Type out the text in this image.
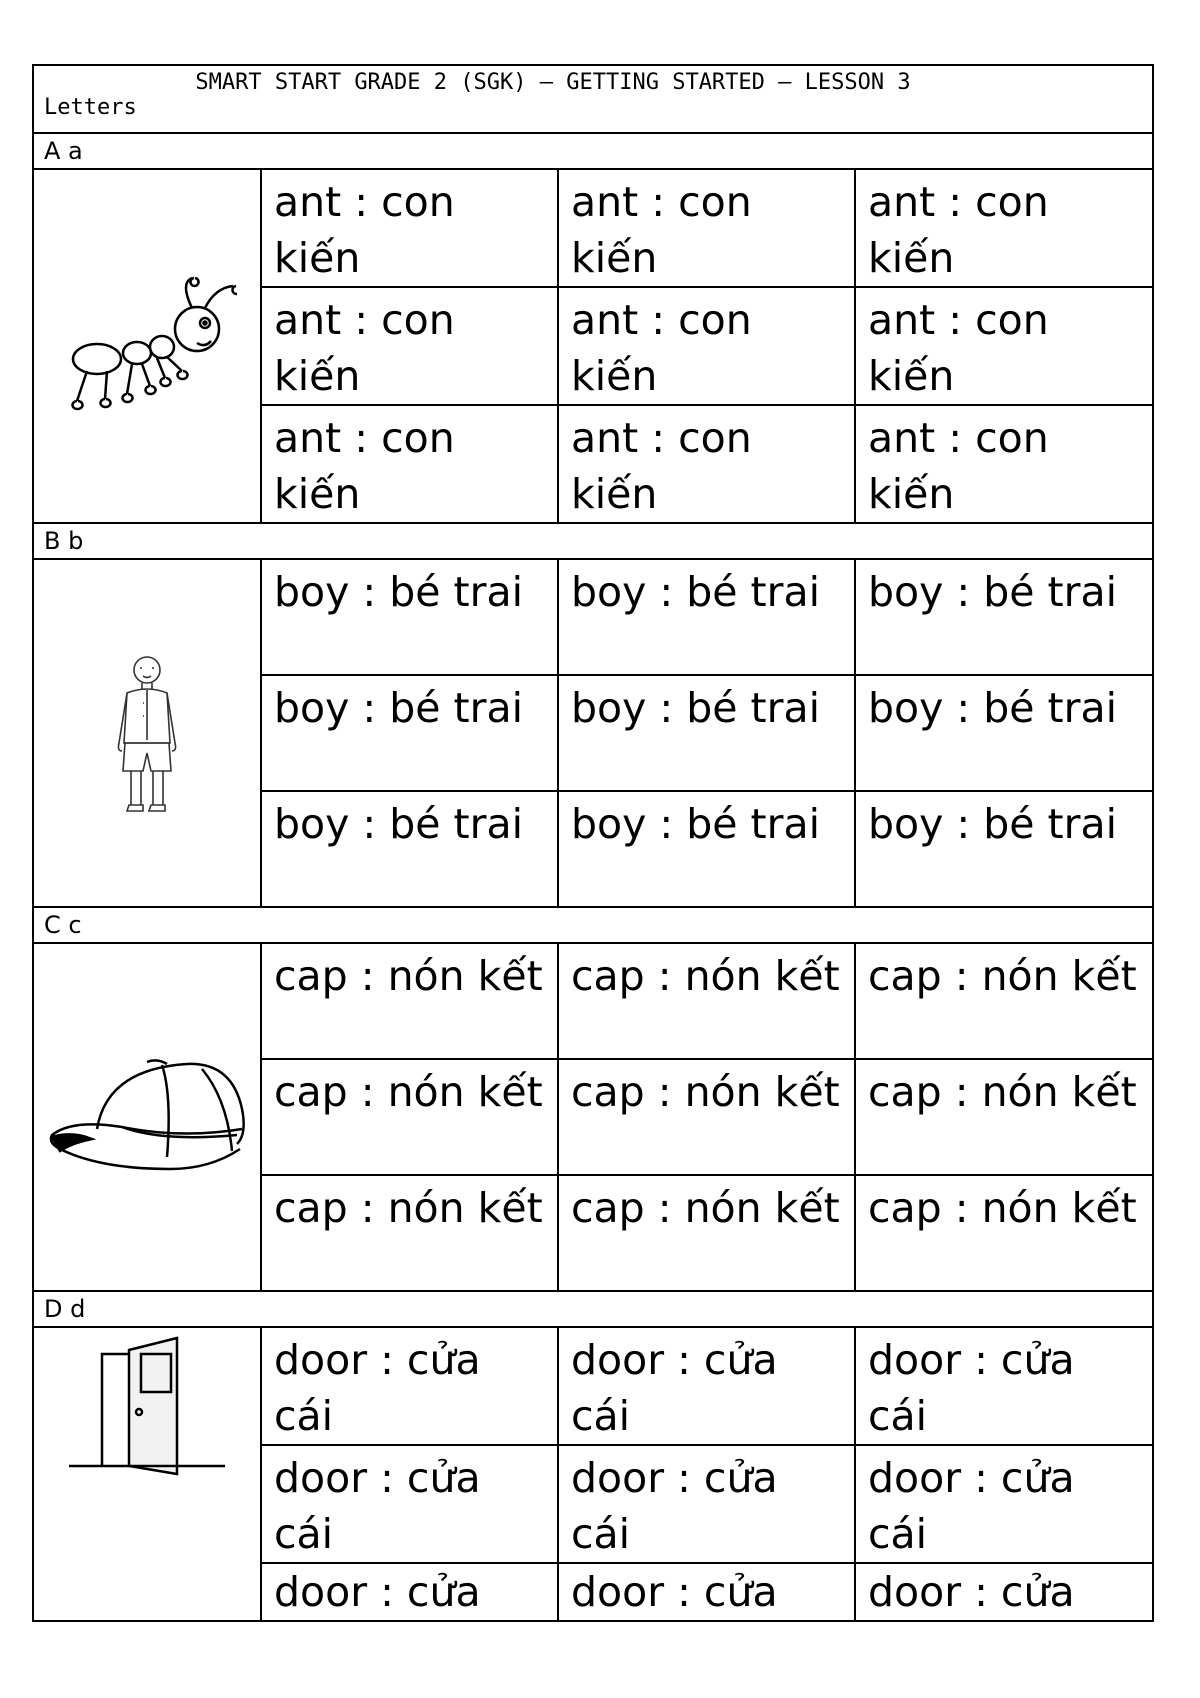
SMART START GRADE 2 (SGK) – GETTING STARTED – LESSON 3
Letters			

A a			

	ant : con kiến	ant : con kiến	ant : con kiến
	ant : con kiến	ant : con kiến	ant : con kiến
	ant : con kiến	ant : con kiến	ant : con kiến
B b			

	boy : bé trai	boy : bé trai	boy : bé trai
	boy : bé trai	boy : bé trai	boy : bé trai
	boy : bé trai	boy : bé trai	boy : bé trai
C c			

	cap : nón kết	cap : nón kết	cap : nón kết
	cap : nón kết	cap : nón kết	cap : nón kết
	cap : nón kết	cap : nón kết	cap : nón kết
D d			

	door : cửa cái	door : cửa cái	door : cửa cái
	door : cửa cái	door : cửa cái	door : cửa cái
	door : cửa	door : cửa	door : cửa
